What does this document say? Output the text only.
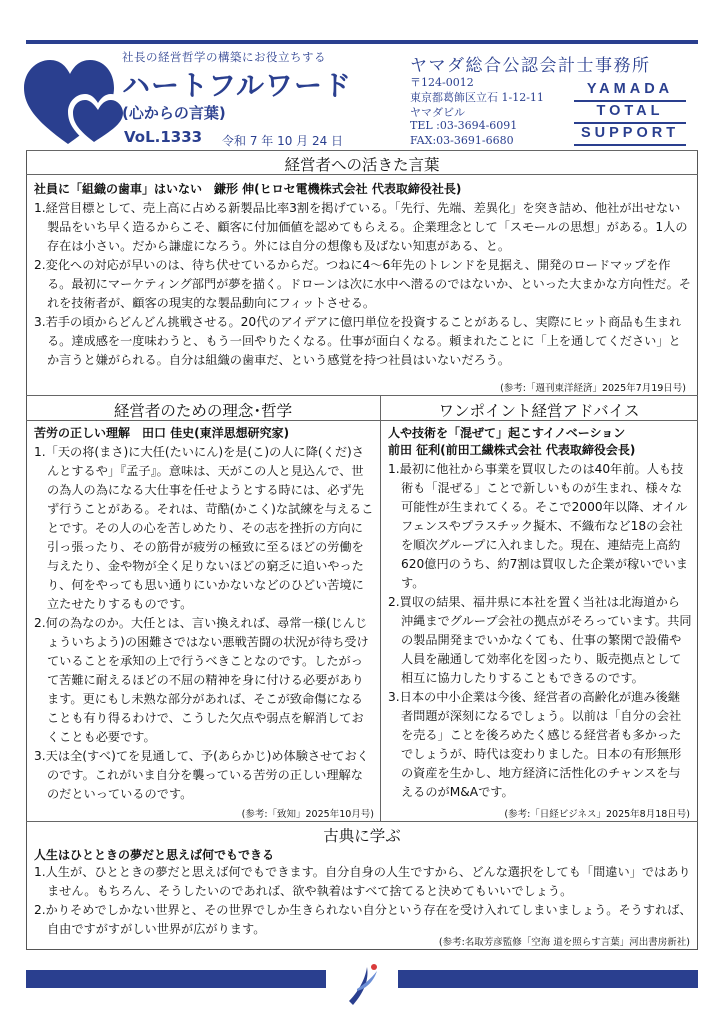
社長の経営哲学の構築にお役立ちする
ハートフルワード
(心からの言葉)
VoL.1333 令和 7 年 10 月 24 日
ヤマダ総合公認会計士事務所
〒124-0012
東京都葛飾区立石 1-12-11
ヤマダビル
TEL :03-3694-6091
FAX:03-3691-6680
YAMADA
TOTAL
SUPPORT
経営者への活きた言葉
社員に「組織の歯車」はいない　鎌形 伸(ヒロセ電機株式会社 代表取締役社長)

1.経営目標として、売上高に占める新製品比率3割を掲げている。「先行、先端、差異化」を突き詰め、他社が出せない製品をいち早く造るからこそ、顧客に付加価値を認めてもらえる。企業理念として「スモールの思想」がある。1人の存在は小さい。だから謙虚になろう。外には自分の想像も及ばない知恵がある、と。

2.変化への対応が早いのは、待ち伏せているからだ。つねに4～6年先のトレンドを見据え、開発のロードマップを作る。最初にマーケティング部門が夢を描く。ドローンは次に水中へ潜るのではないか、といった大まかな方向性だ。それを技術者が、顧客の現実的な製品動向にフィットさせる。

3.若手の頃からどんどん挑戦させる。20代のアイデアに億円単位を投資することがあるし、実際にヒット商品も生まれる。達成感を一度味わうと、もう一回やりたくなる。仕事が面白くなる。頼まれたことに「上を通してください」とか言うと嫌がられる。自分は組織の歯車だ、という感覚を持つ社員はいないだろう。

(参考:「週刊東洋経済」2025年7月19日号)
経営者のための理念･哲学
苦労の正しい理解　田口 佳史(東洋思想研究家)

1.「天の将(まさ)に大任(たいにん)を是(こ)の人に降(くだ)さんとするや」『孟子』。意味は、天がこの人と見込んで、世の為人の為になる大仕事を任せようとする時には、必ず先ず行うことがある。それは、苛酷(かこく)な試練を与えることです。その人の心を苦しめたり、その志を挫折の方向に引っ張ったり、その筋骨が疲労の極致に至るほどの労働を与えたり、金や物が全く足りないほどの窮乏に追いやったり、何をやっても思い通りにいかないなどのひどい苦境に立たせたりするものです。

2.何の為なのか。大任とは、言い換えれば、尋常一様(じんじょういちよう)の困難さではない悪戦苦闘の状況が待ち受けていることを承知の上で行うべきことなのです。したがって苦難に耐えるほどの不屈の精神を身に付ける必要があります。更にもし未熟な部分があれば、そこが致命傷になることも有り得るわけで、こうした欠点や弱点を解消しておくことも必要です。

3.天は全(すべ)てを見通して、予(あらかじ)め体験させておくのです。これがいま自分を襲っている苦労の正しい理解なのだといっているのです。

(参考:「致知」2025年10月号)
ワンポイント経営アドバイス
人や技術を「混ぜて」起こすイノベーション
前田 征利(前田工繊株式会社 代表取締役会長)

1.最初に他社から事業を買収したのは40年前。人も技術も「混ぜる」ことで新しいものが生まれ、様々な可能性が生まれてくる。そこで2000年以降、オイルフェンスやプラスチック擬木、不織布など18の会社を順次グループに入れました。現在、連結売上高約620億円のうち、約7割は買収した企業が稼いでいます。

2.買収の結果、福井県に本社を置く当社は北海道から沖縄までグループ会社の拠点がそろっています。共同の製品開発までいかなくても、仕事の繁閑で設備や人員を融通して効率化を図ったり、販売拠点として相互に協力したりすることもできるのです。

3.日本の中小企業は今後、経営者の高齢化が進み後継者問題が深刻になるでしょう。以前は「自分の会社を売る」ことを後ろめたく感じる経営者も多かったでしょうが、時代は変わりました。日本の有形無形の資産を生かし、地方経済に活性化のチャンスを与えるのがM&Aです。

(参考:「日経ビジネス」2025年8月18日号)
古典に学ぶ
人生はひとときの夢だと思えば何でもできる

1.人生が、ひとときの夢だと思えば何でもできます。自分自身の人生ですから、どんな選択をしても「間違い」ではありません。もちろん、そうしたいのであれば、欲や執着はすべて捨てると決めてもいいでしょう。

2.かりそめでしかない世界と、その世界でしか生きられない自分という存在を受け入れてしまいましょう。そうすれば、自由ですがすがしい世界が広がります。

(参考:名取芳彦監修「空海 道を照らす言葉」河出書房新社)
